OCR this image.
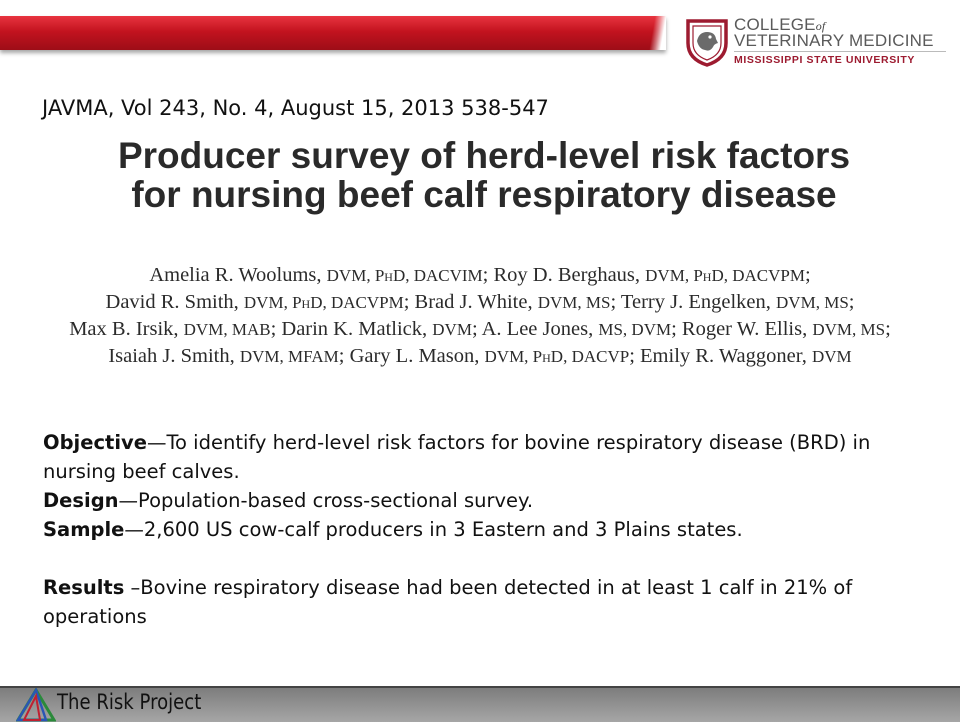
COLLEGEof
VETERINARY MEDICINE
MISSISSIPPI STATE UNIVERSITY
JAVMA, Vol 243, No. 4, August 15, 2013 538-547
Producer survey of herd-level risk factors
for nursing beef calf respiratory disease
Amelia R. Woolums, DVM, PhD, DACVIM; Roy D. Berghaus, DVM, PhD, DACVPM;
David R. Smith, DVM, PhD, DACVPM; Brad J. White, DVM, MS; Terry J. Engelken, DVM, MS;
Max B. Irsik, DVM, MAB; Darin K. Matlick, DVM; A. Lee Jones, MS, DVM; Roger W. Ellis, DVM, MS;
Isaiah J. Smith, DVM, MFAM; Gary L. Mason, DVM, PhD, DACVP; Emily R. Waggoner, DVM

Objective—To identify herd-level risk factors for bovine respiratory disease (BRD) in nursing beef calves.

Design—Population-based cross-sectional survey.

Sample—2,600 US cow-calf producers in 3 Eastern and 3 Plains states.

Results –Bovine respiratory disease had been detected in at least 1 calf in 21% of operations

The Risk Project
